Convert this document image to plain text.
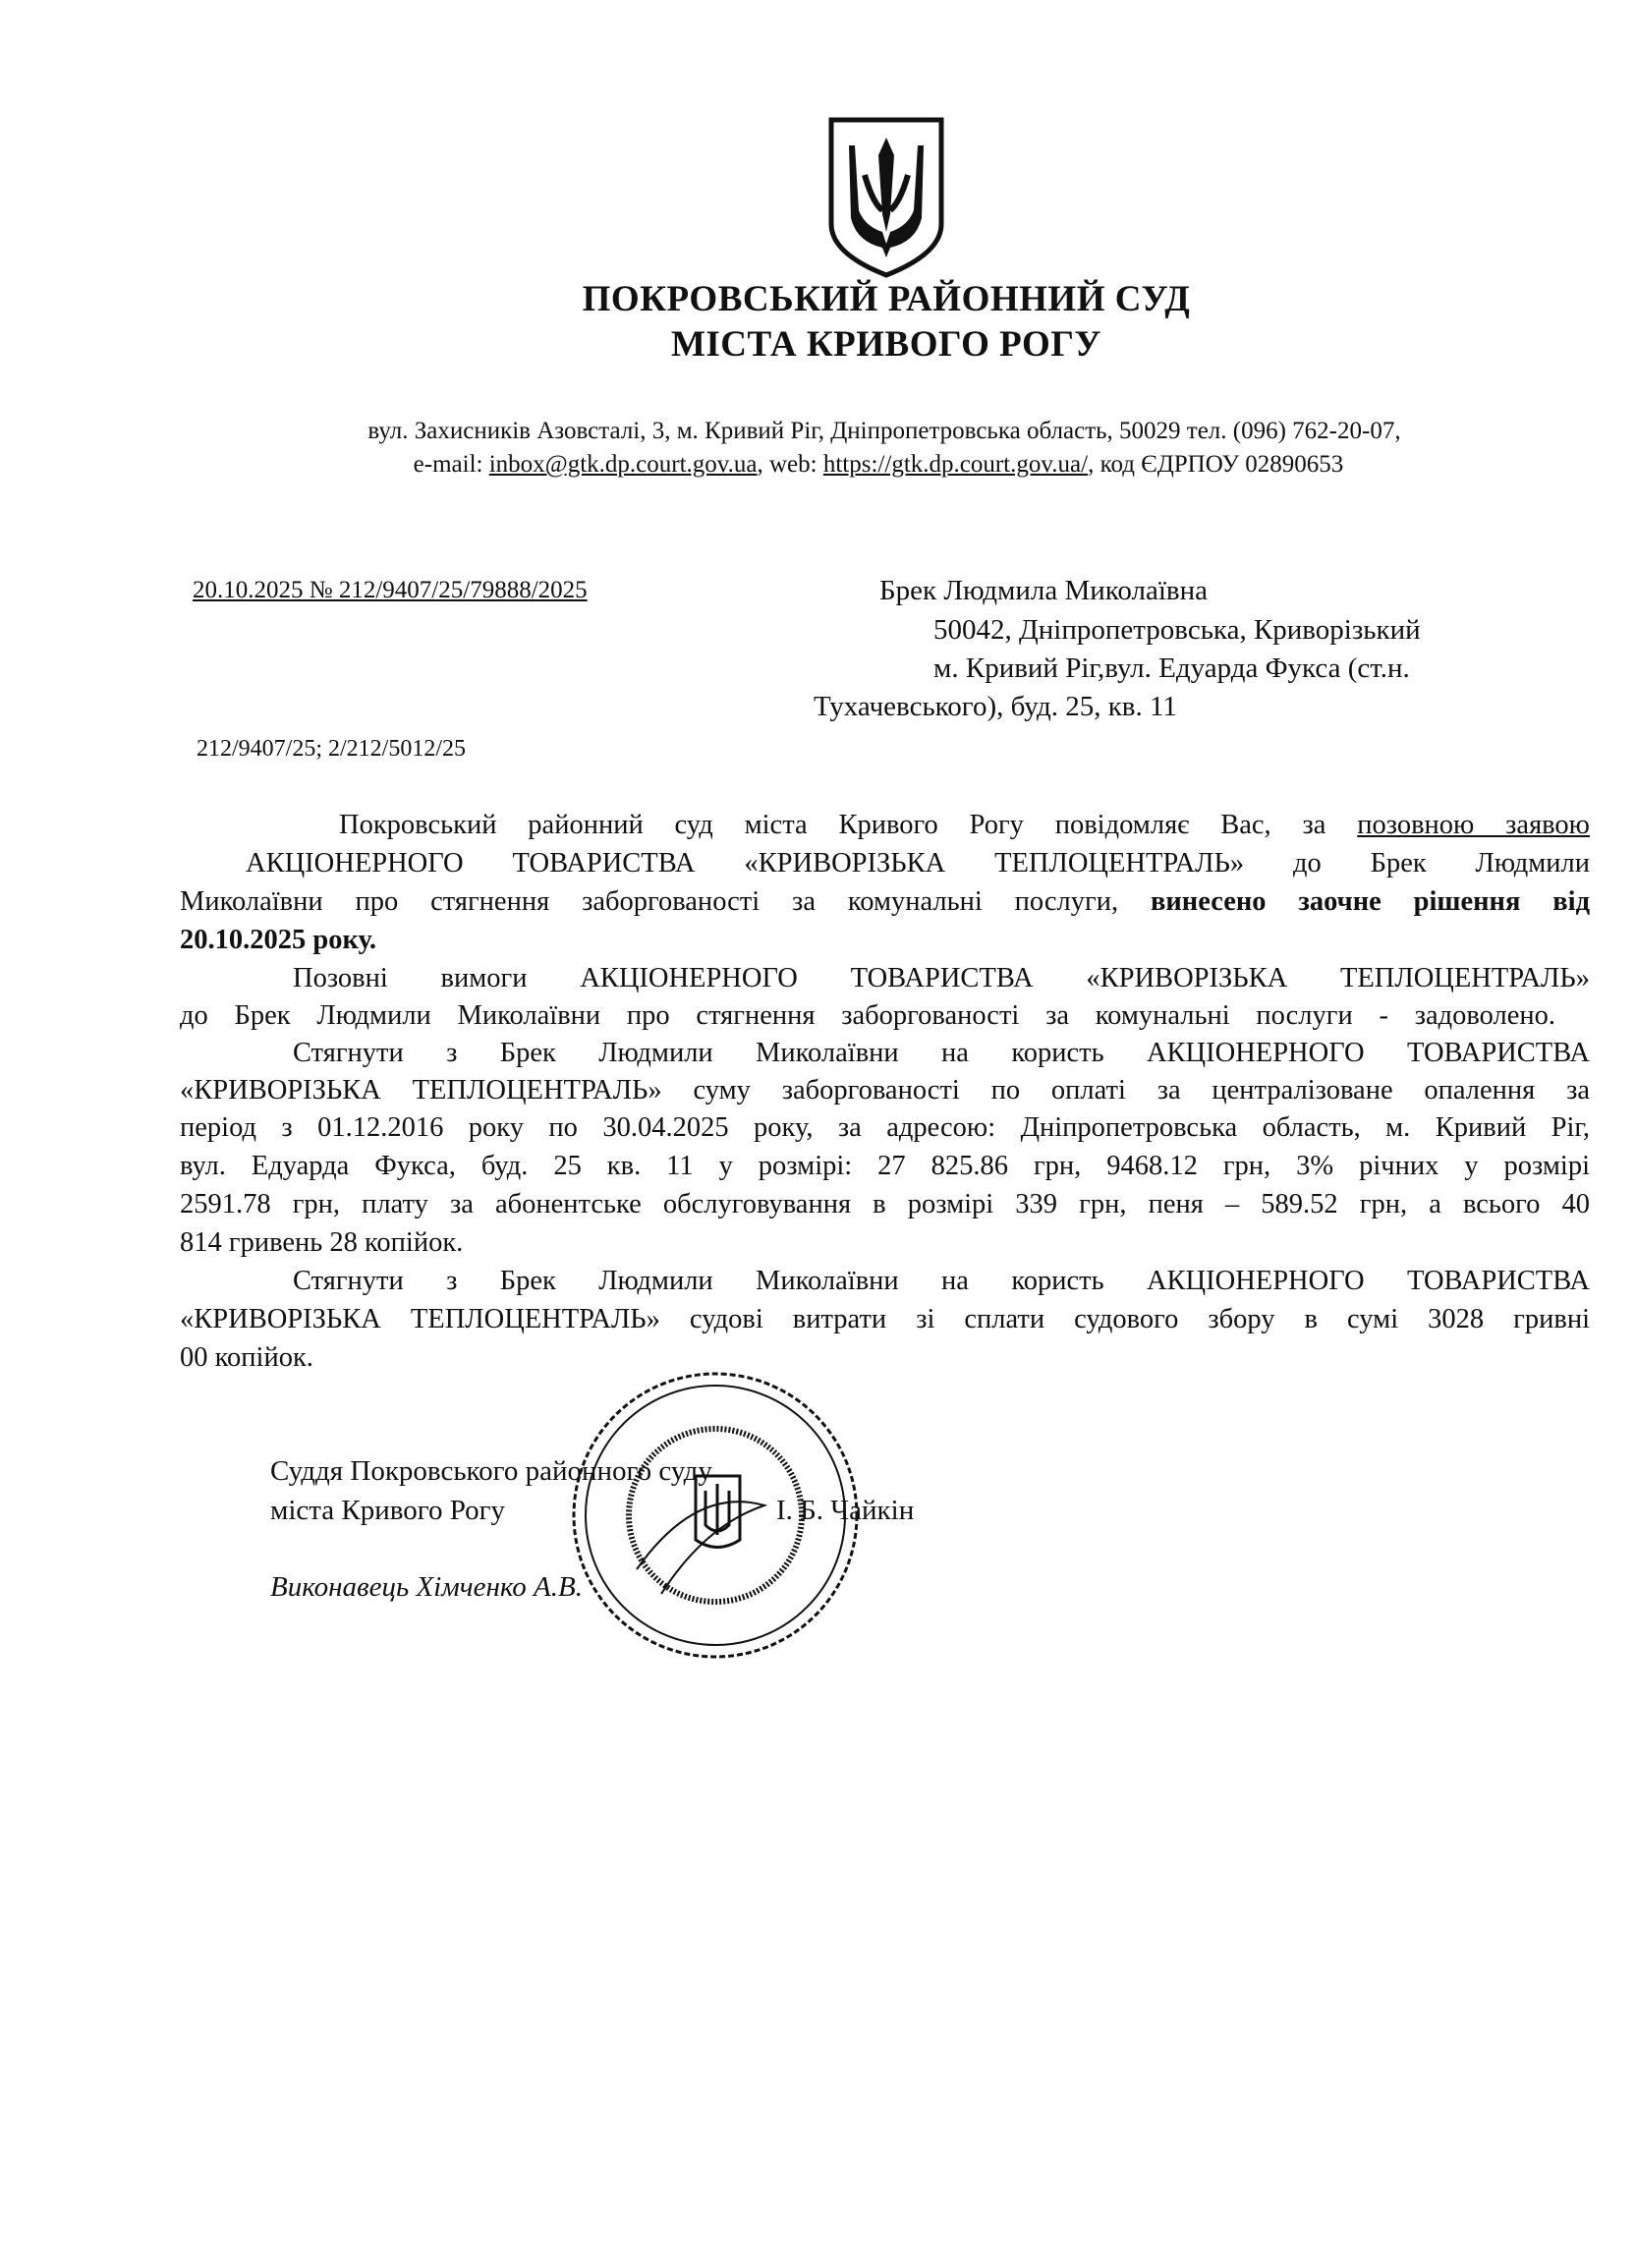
ПОКРОВСЬКИЙ РАЙОННИЙ СУД
МІСТА КРИВОГО РОГУ
вул. Захисників Азовсталі, 3, м. Кривий Ріг, Дніпропетровська область, 50029 тел. (096) 762-20-07,
e-mail: inbox@gtk.dp.court.gov.ua, web: https://gtk.dp.court.gov.ua/, код ЄДРПОУ 02890653
20.10.2025 № 212/9407/25/79888/2025
212/9407/25; 2/212/5012/25
Брек Людмила Миколаївна
50042, Дніпропетровська, Криворізький
м. Кривий Ріг,вул. Едуарда Фукса (ст.н.
Тухачевського), буд. 25, кв. 11
Покровський районний суд міста Кривого Рогу повідомляє Вас, за позовною заявою
АКЦІОНЕРНОГО ТОВАРИСТВА «КРИВОРІЗЬКА ТЕПЛОЦЕНТРАЛЬ» до Брек Людмили
Миколаївни про стягнення заборгованості за комунальні послуги, винесено заочне рішення від
20.10.2025 року.
Позовні вимоги АКЦІОНЕРНОГО ТОВАРИСТВА «КРИВОРІЗЬКА ТЕПЛОЦЕНТРАЛЬ»
до Брек Людмили Миколаївни про стягнення заборгованості за комунальні послуги - задоволено.
Стягнути з Брек Людмили Миколаївни на користь АКЦІОНЕРНОГО ТОВАРИСТВА
«КРИВОРІЗЬКА ТЕПЛОЦЕНТРАЛЬ» суму заборгованості по оплаті за централізоване опалення за
період з 01.12.2016 року по 30.04.2025 року, за адресою: Дніпропетровська область, м. Кривий Ріг,
вул. Едуарда Фукса, буд. 25 кв. 11 у розмірі: 27 825.86 грн, 9468.12 грн, 3% річних у розмірі
2591.78 грн, плату за абонентське обслуговування в розмірі 339 грн, пеня – 589.52 грн, а всього 40
814 гривень 28 копійок.
Стягнути з Брек Людмили Миколаївни на користь АКЦІОНЕРНОГО ТОВАРИСТВА
«КРИВОРІЗЬКА ТЕПЛОЦЕНТРАЛЬ» судові витрати зі сплати судового збору в сумі 3028 гривні
00 копійок.
Суддя Покровського районного суду
міста Кривого Рогу	І. Б. Чайкін
Виконавець Хімченко А.В.
